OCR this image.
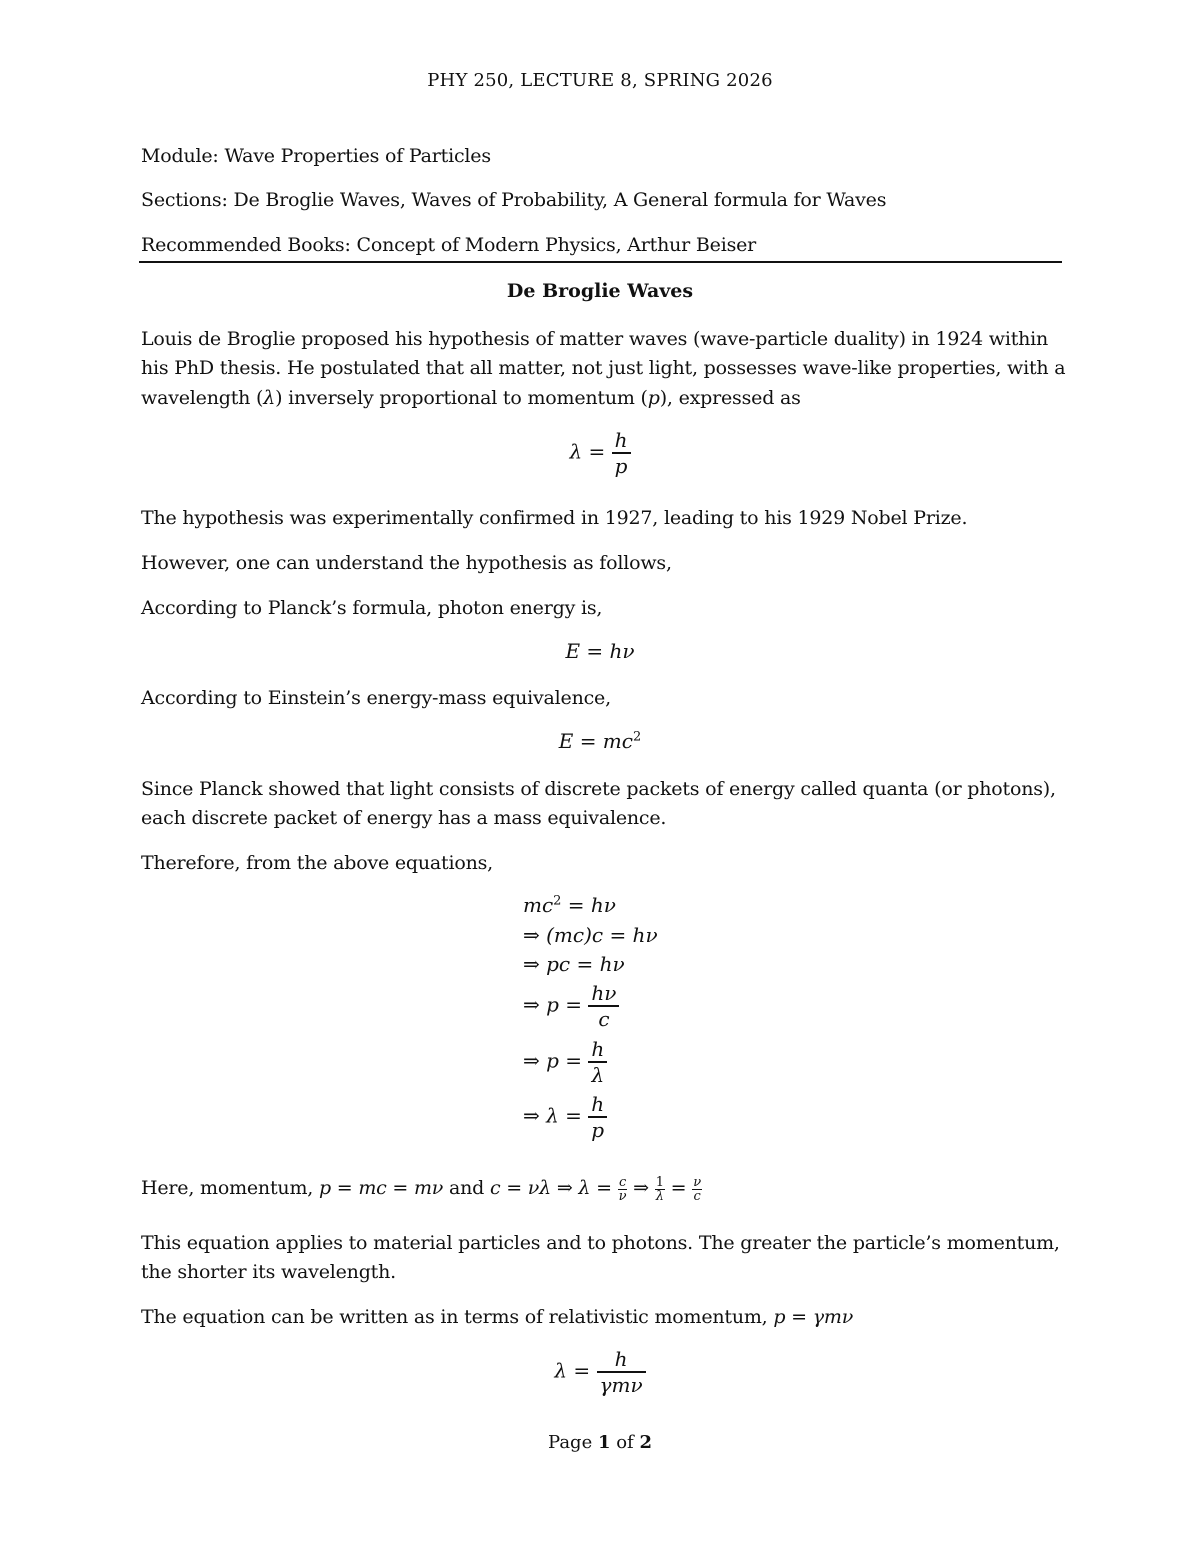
PHY 250, LECTURE 8, SPRING 2026
Module: Wave Properties of Particles
Sections: De Broglie Waves, Waves of Probability, A General formula for Waves
Recommended Books: Concept of Modern Physics, Arthur Beiser
De Broglie Waves
Louis de Broglie proposed his hypothesis of matter waves (wave-particle duality) in 1924 within
his PhD thesis. He postulated that all matter, not just light, possesses wave-like properties, with a
wavelength (λ) inversely proportional to momentum (p), expressed as
$\lambda = \frac{h}{p}$
The hypothesis was experimentally confirmed in 1927, leading to his 1929 Nobel Prize.
However, one can understand the hypothesis as follows,
According to Planck’s formula, photon energy is,
E = hν
According to Einstein’s energy-mass equivalence,
$E = mc^2$
Since Planck showed that light consists of discrete packets of energy called quanta (or photons),
each discrete packet of energy has a mass equivalence.
Therefore, from the above equations,
$mc^2 = h\nu$
⇒ (mc)c = hν
⇒ pc = hν
⇒ $p = \frac{h\nu}{c}$
⇒ $p = \frac{h}{\lambda}$
⇒ $\lambda = \frac{h}{p}$
Here, momentum, p = mc = mν and c = νλ ⇒ $\lambda = \frac{c}{\nu}$ ⇒ $\frac{1}{\lambda} = \frac{\nu}{c}$
This equation applies to material particles and to photons. The greater the particle’s momentum,
the shorter its wavelength.
The equation can be written as in terms of relativistic momentum, p = γmν
$\lambda = \frac{h}{\text{γmν}}$
Page 1 of 2
